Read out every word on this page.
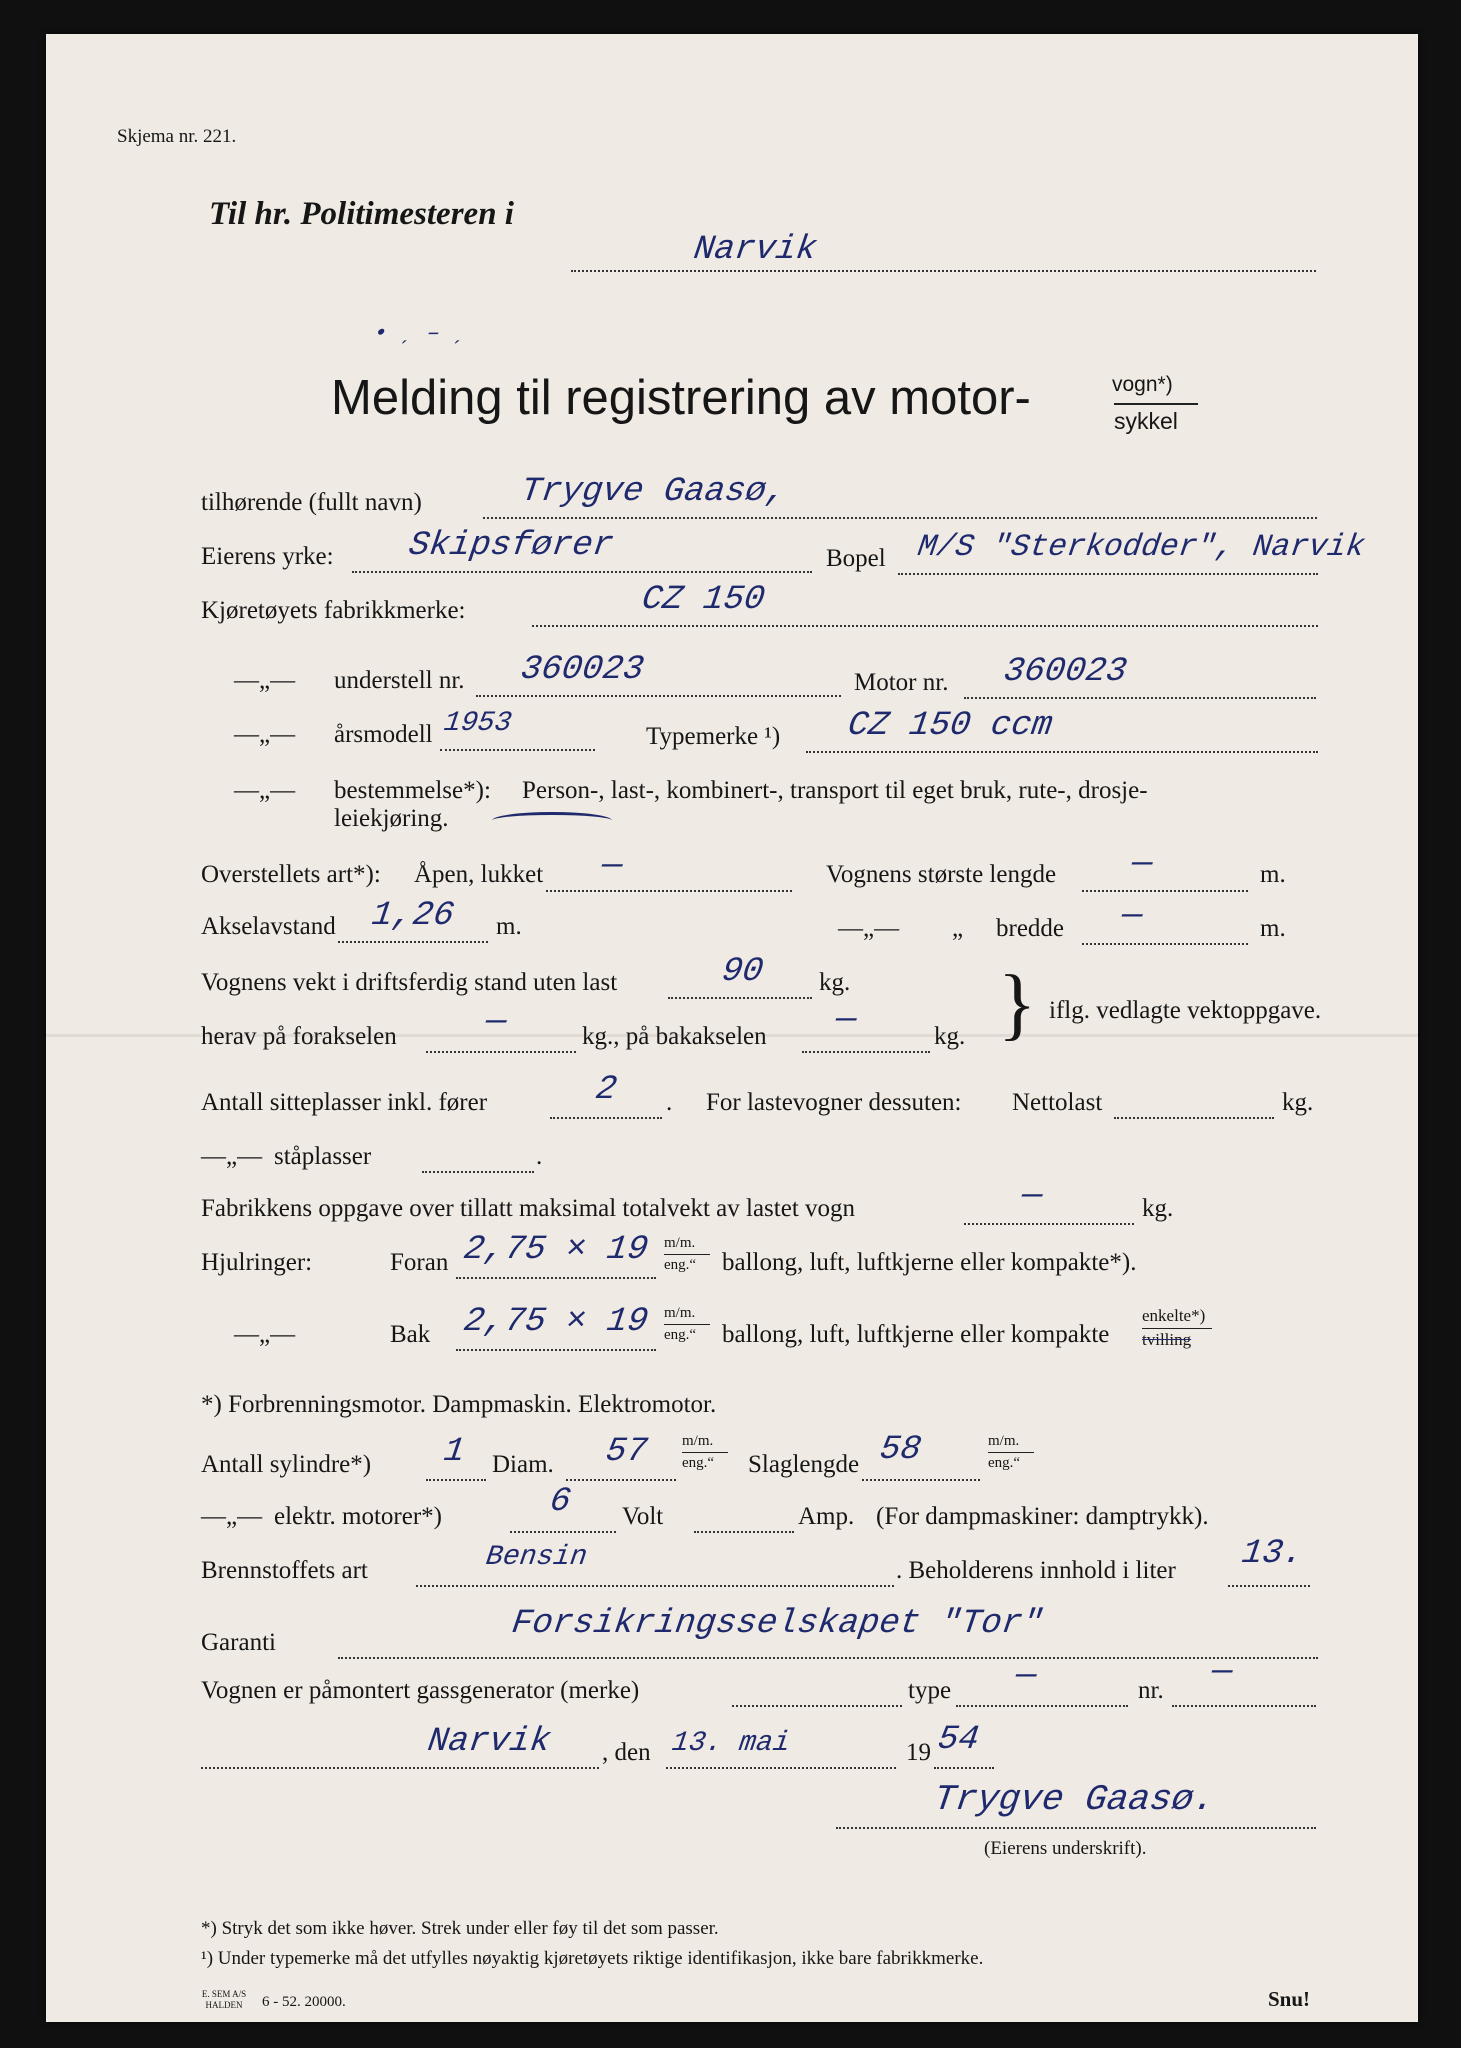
Skjema nr. 221.
Til hr. Politimesteren i
Narvik
• ˏ – ˏ
Melding til registrering av motor-	vogn*)
sykkel
tilhørende (fullt navn)	Trygve Gaasø,
Eierens yrke: Skipsfører	Bopel M/S "Sterkodder", Narvik
Kjøretøyets fabrikkmerke:	CZ 150
—„— understell nr. 360023	Motor nr. 360023
—„— årsmodell 1953	Typemerke ¹) CZ 150 ccm
—„— bestemmelse*): Person-, last-, kombinert-, transport til eget bruk, rute-, drosje-
leiekjøring.
Overstellets art*): Åpen, lukket —	Vognens største lengde —	m.
Akselavstand 1,26 m.	—„— „ bredde —	m.
Vognens vekt i driftsferdig stand uten last	90 kg.
herav på forakselen	—	kg., på bakakselen —	kg. } iflg. vedlagte vektoppgave.
Antall sitteplasser inkl. fører	2 . For lastevogner dessuten: Nettolast	kg.
—„— ståplasser	.
Fabrikkens oppgave over tillatt maksimal totalvekt av lastet vogn	—	kg.
Hjulringer:	Foran 2,75 × 19 m/m.
eng.“ ballong, luft, luftkjerne eller kompakte*).
—„—	Bak 2,75 × 19 m/m.
eng.“ ballong, luft, luftkjerne eller kompakte
enkelte*)
tvilling
*) Forbrenningsmotor. Dampmaskin. Elektromotor.
Antall sylindre*) 1 Diam. 57 m/m.
eng.“ Slaglengde 58	m/m.
eng.“
—„— elektr. motorer*)	6 Volt	Amp. (For dampmaskiner: damptrykk).
Brennstoffets art	Bensin	. Beholderens innhold i liter 13.
Garanti	Forsikringsselskapet "Tor"
Vognen er påmontert gassgenerator (merke)	type —	nr. —
Narvik , den 13. mai	19 54
Trygve Gaasø.
(Eierens underskrift).
*) Stryk det som ikke høver. Strek under eller føy til det som passer.
¹) Under typemerke må det utfylles nøyaktig kjøretøyets riktige identifikasjon, ikke bare fabrikkmerke.
E. SEM A/S
HALDEN	6 - 52. 20000.	Snu!
